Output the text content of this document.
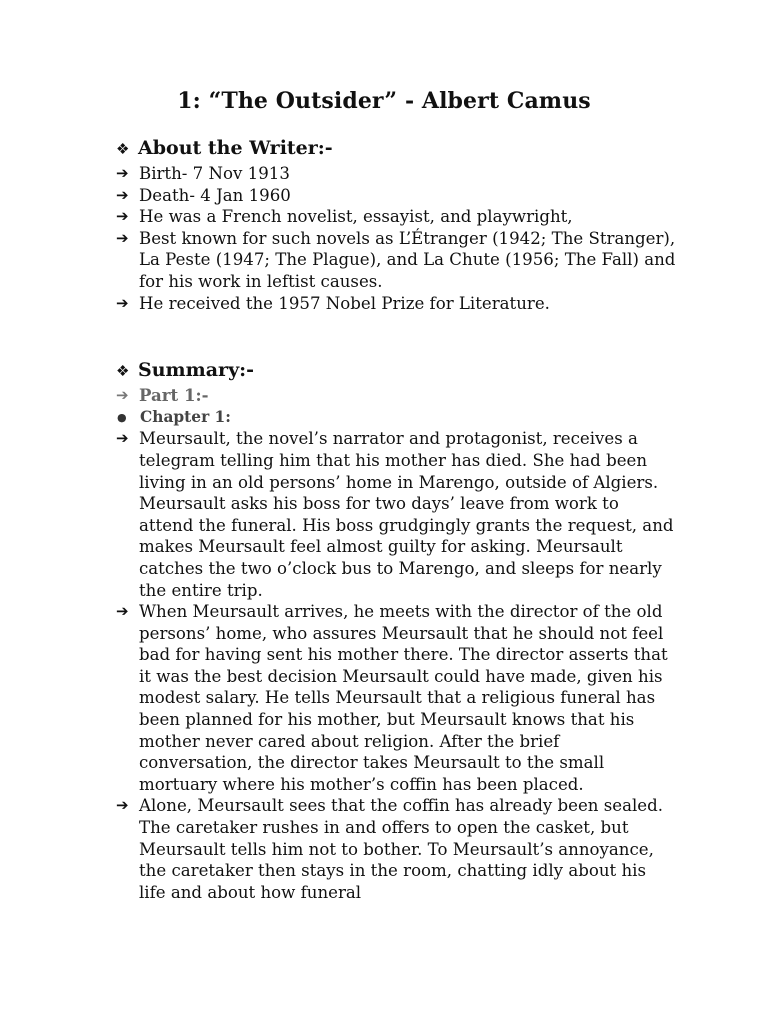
1: “The Outsider” - Albert Camus
❖ About the Writer:-
➔ Birth- 7 Nov 1913
➔ Death- 4 Jan 1960
➔ He was a French novelist, essayist, and playwright,
➔ Best known for such novels as L’Étranger (1942; The Stranger), La Peste (1947; The Plague), and La Chute (1956; The Fall) and for his work in leftist causes.
➔ He received the 1957 Nobel Prize for Literature.
❖ Summary:-
➔ Part 1:-
● Chapter 1:
➔ Meursault, the novel’s narrator and protagonist, receives a telegram telling him that his mother has died. She had been living in an old persons’ home in Marengo, outside of Algiers. Meursault asks his boss for two days’ leave from work to attend the funeral. His boss grudgingly grants the request, and makes Meursault feel almost guilty for asking. Meursault catches the two o’clock bus to Marengo, and sleeps for nearly the entire trip.
➔ When Meursault arrives, he meets with the director of the old persons’ home, who assures Meursault that he should not feel bad for having sent his mother there. The director asserts that it was the best decision Meursault could have made, given his modest salary. He tells Meursault that a religious funeral has been planned for his mother, but Meursault knows that his mother never cared about religion. After the brief conversation, the director takes Meursault to the small mortuary where his mother’s coffin has been placed.
➔ Alone, Meursault sees that the coffin has already been sealed. The caretaker rushes in and offers to open the casket, but Meursault tells him not to bother. To Meursault’s annoyance, the caretaker then stays in the room, chatting idly about his life and about how funeral
